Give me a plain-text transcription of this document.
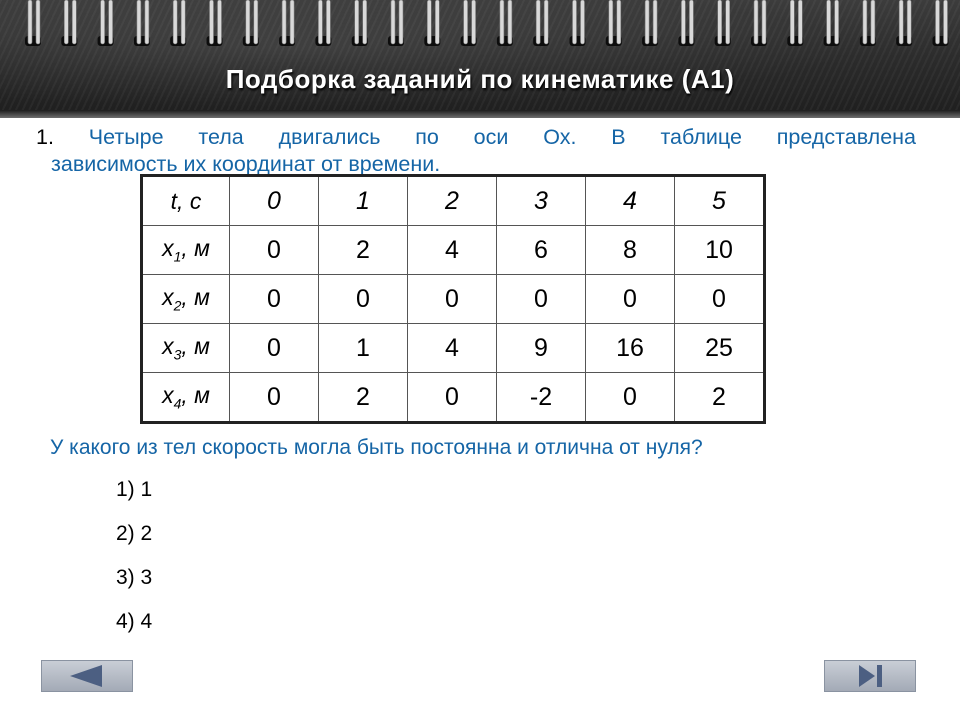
Подборка заданий по кинематике (А1)
1. Четыре тела двигались по оси Ох. В таблице представлена
зависимость их координат от времени.
t, с	0	1	2	3	4	5
$x_1$, м	0	2	4	6	8	10
$x_2$, м	0	0	0	0	0	0
$x_3$, м	0	1	4	9	16	25
$x_4$, м	0	2	0	-2	0	2
У какого из тел скорость могла быть постоянна и отлична от нуля?
1) 1
2) 2
3) 3
4) 4
